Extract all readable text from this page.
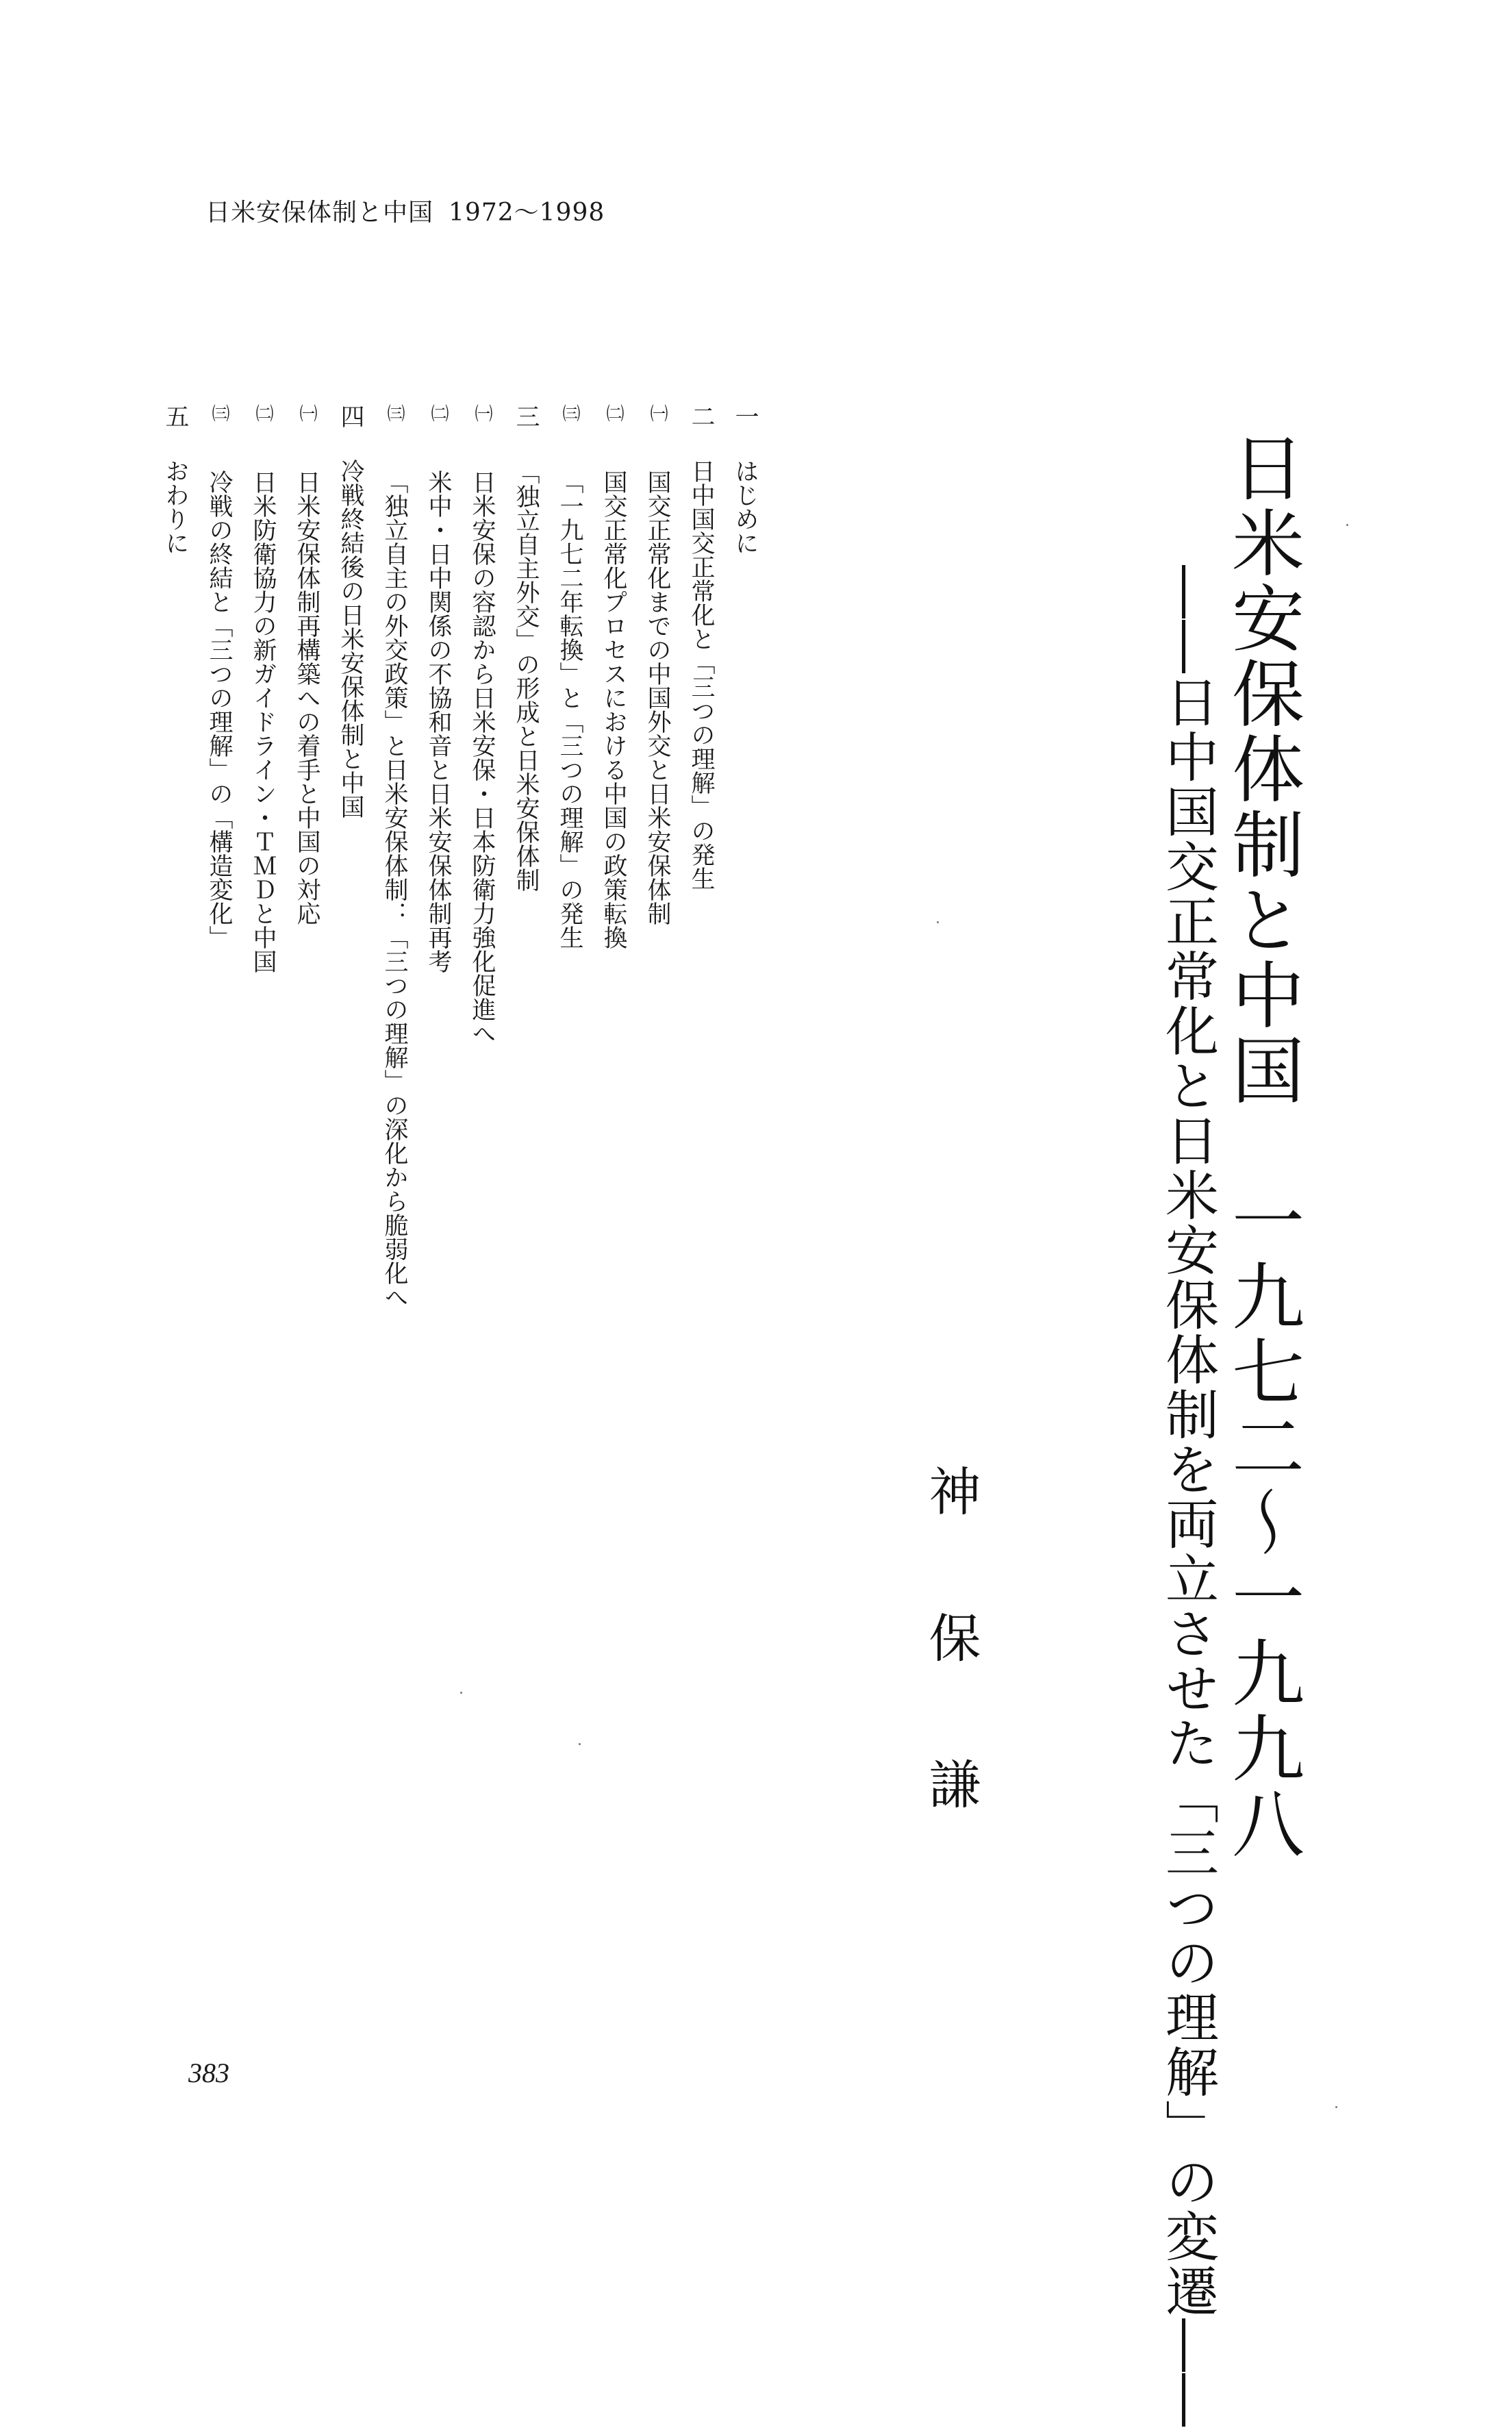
日米安保体制と中国 1972〜1998
日米安保体制と中国　一九七二〜一九九八
――日中国交正常化と日米安保体制を両立させた「三つの理解」の変遷――
神保謙
一
はじめに
二
日中国交正常化と「三つの理解」の発生
㈠
国交正常化までの中国外交と日米安保体制
㈡
国交正常化プロセスにおける中国の政策転換
㈢
「一九七二年転換」と「三つの理解」の発生
三
「独立自主外交」の形成と日米安保体制
㈠
日米安保の容認から日米安保・日本防衛力強化促進へ
㈡
米中・日中関係の不協和音と日米安保体制再考
㈢
「独立自主の外交政策」と日米安保体制：「三つの理解」の深化から脆弱化へ
四
冷戦終結後の日米安保体制と中国
㈠
日米安保体制再構築への着手と中国の対応
㈡
日米防衛協力の新ガイドライン・ＴＭＤと中国
㈢
冷戦の終結と「三つの理解」の「構造変化」
五
おわりに
383
